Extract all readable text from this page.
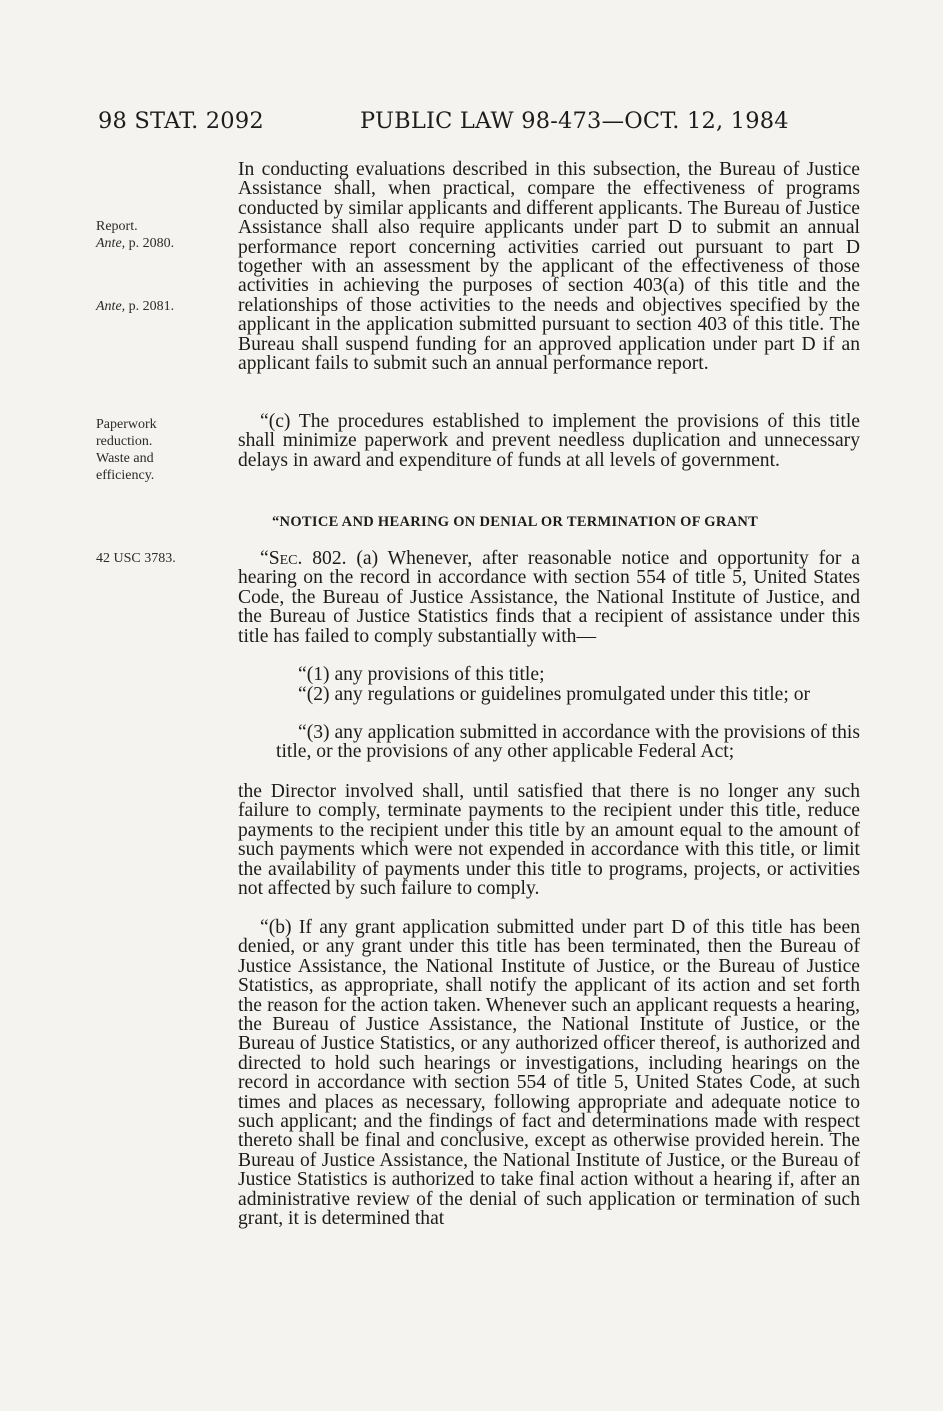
98 STAT. 2092	PUBLIC LAW 98-473—OCT. 12, 1984
Report.
Ante, p. 2080.
Ante, p. 2081.
Paperwork
reduction.
Waste and
efficiency.
42 USC 3783.

In conducting evaluations described in this subsection, the Bureau of Justice Assistance shall, when practical, compare the effectiveness of programs conducted by similar applicants and different applicants. The Bureau of Justice Assistance shall also require applicants under part D to submit an annual performance report concerning activities carried out pursuant to part D together with an assessment by the applicant of the effectiveness of those activities in achieving the purposes of section 403(a) of this title and the relationships of those activities to the needs and objectives specified by the applicant in the application submitted pursuant to section 403 of this title. The Bureau shall suspend funding for an approved application under part D if an applicant fails to submit such an annual performance report.

“(c) The procedures established to implement the provisions of this title shall minimize paperwork and prevent needless duplication and unnecessary delays in award and expenditure of funds at all levels of government.

“NOTICE AND HEARING ON DENIAL OR TERMINATION OF GRANT

“Sec. 802. (a) Whenever, after reasonable notice and opportunity for a hearing on the record in accordance with section 554 of title 5, United States Code, the Bureau of Justice Assistance, the National Institute of Justice, and the Bureau of Justice Statistics finds that a recipient of assistance under this title has failed to comply substantially with—

“(1) any provisions of this title;

“(2) any regulations or guidelines promulgated under this title; or

“(3) any application submitted in accordance with the provisions of this title, or the provisions of any other applicable Federal Act;

the Director involved shall, until satisfied that there is no longer any such failure to comply, terminate payments to the recipient under this title, reduce payments to the recipient under this title by an amount equal to the amount of such payments which were not expended in accordance with this title, or limit the availability of payments under this title to programs, projects, or activities not affected by such failure to comply.

“(b) If any grant application submitted under part D of this title has been denied, or any grant under this title has been terminated, then the Bureau of Justice Assistance, the National Institute of Justice, or the Bureau of Justice Statistics, as appropriate, shall notify the applicant of its action and set forth the reason for the action taken. Whenever such an applicant requests a hearing, the Bureau of Justice Assistance, the National Institute of Justice, or the Bureau of Justice Statistics, or any authorized officer thereof, is authorized and directed to hold such hearings or investigations, including hearings on the record in accordance with section 554 of title 5, United States Code, at such times and places as necessary, following appropriate and adequate notice to such applicant; and the findings of fact and determinations made with respect thereto shall be final and conclusive, except as otherwise provided herein. The Bureau of Justice Assistance, the National Institute of Justice, or the Bureau of Justice Statistics is authorized to take final action without a hearing if, after an administrative review of the denial of such application or termination of such grant, it is determined that
